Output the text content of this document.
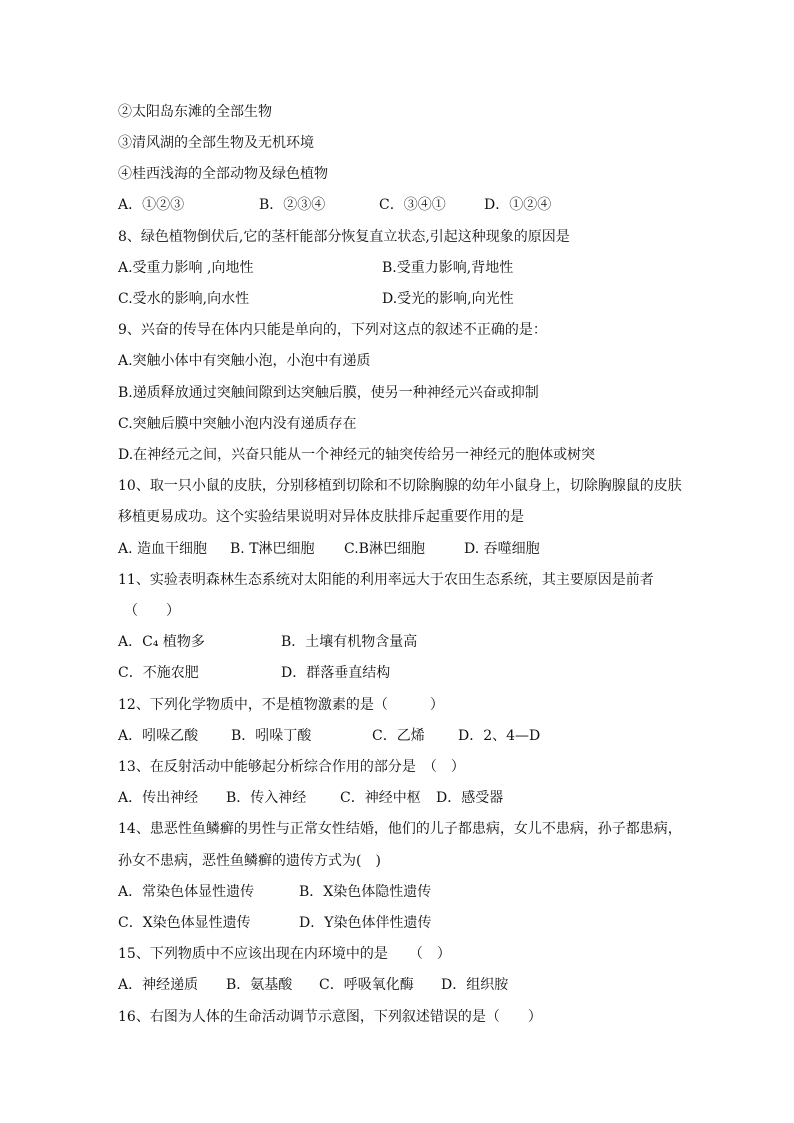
②太阳岛东滩的全部生物
③清风湖的全部生物及无机环境
④桂西浅海的全部动物及绿色植物
A．①②③	B．②③④	C．③④①	D．①②④
8、绿色植物倒伏后,它的茎杆能部分恢复直立状态,引起这种现象的原因是
A.受重力影响 ,向地性	B.受重力影响,背地性
C.受水的影响,向水性	D.受光的影响,向光性
9、兴奋的传导在体内只能是单向的，下列对这点的叙述不正确的是：
A.突触小体中有突触小泡，小泡中有递质
B.递质释放通过突触间隙到达突触后膜，使另一种神经元兴奋或抑制
C.突触后膜中突触小泡内没有递质存在
D.在神经元之间，兴奋只能从一个神经元的轴突传给另一神经元的胞体或树突
10、取一只小鼠的皮肤，分别移植到切除和不切除胸腺的幼年小鼠身上，切除胸腺鼠的皮肤
移植更易成功。这个实验结果说明对异体皮肤排斥起重要作用的是
A. 造血干细胞	B. T淋巴细胞	C.B淋巴细胞	D. 吞噬细胞
11、实验表明森林生态系统对太阳能的利用率远大于农田生态系统，其主要原因是前者
（　　）
A．C₄ 植物多	B．土壤有机物含量高
C．不施农肥	D．群落垂直结构
12、下列化学物质中，不是植物激素的是（　　　）
A．吲哚乙酸	B．吲哚丁酸	C．乙烯	D．2、4—D
13、在反射活动中能够起分析综合作用的部分是　（　）
A．传出神经	B．传入神经	C．神经中枢	D．感受器
14、患恶性鱼鳞癣的男性与正常女性结婚，他们的儿子都患病，女儿不患病，孙子都患病，
孙女不患病，恶性鱼鳞癣的遗传方式为(　)
A．常染色体显性遗传	B．X染色体隐性遗传
C．X染色体显性遗传	D．Y染色体伴性遗传
15、下列物质中不应该出现在内环境中的是　　（　）
A．神经递质	B．氨基酸	C．呼吸氧化酶	D．组织胺
16、右图为人体的生命活动调节示意图，下列叙述错误的是（　　）
